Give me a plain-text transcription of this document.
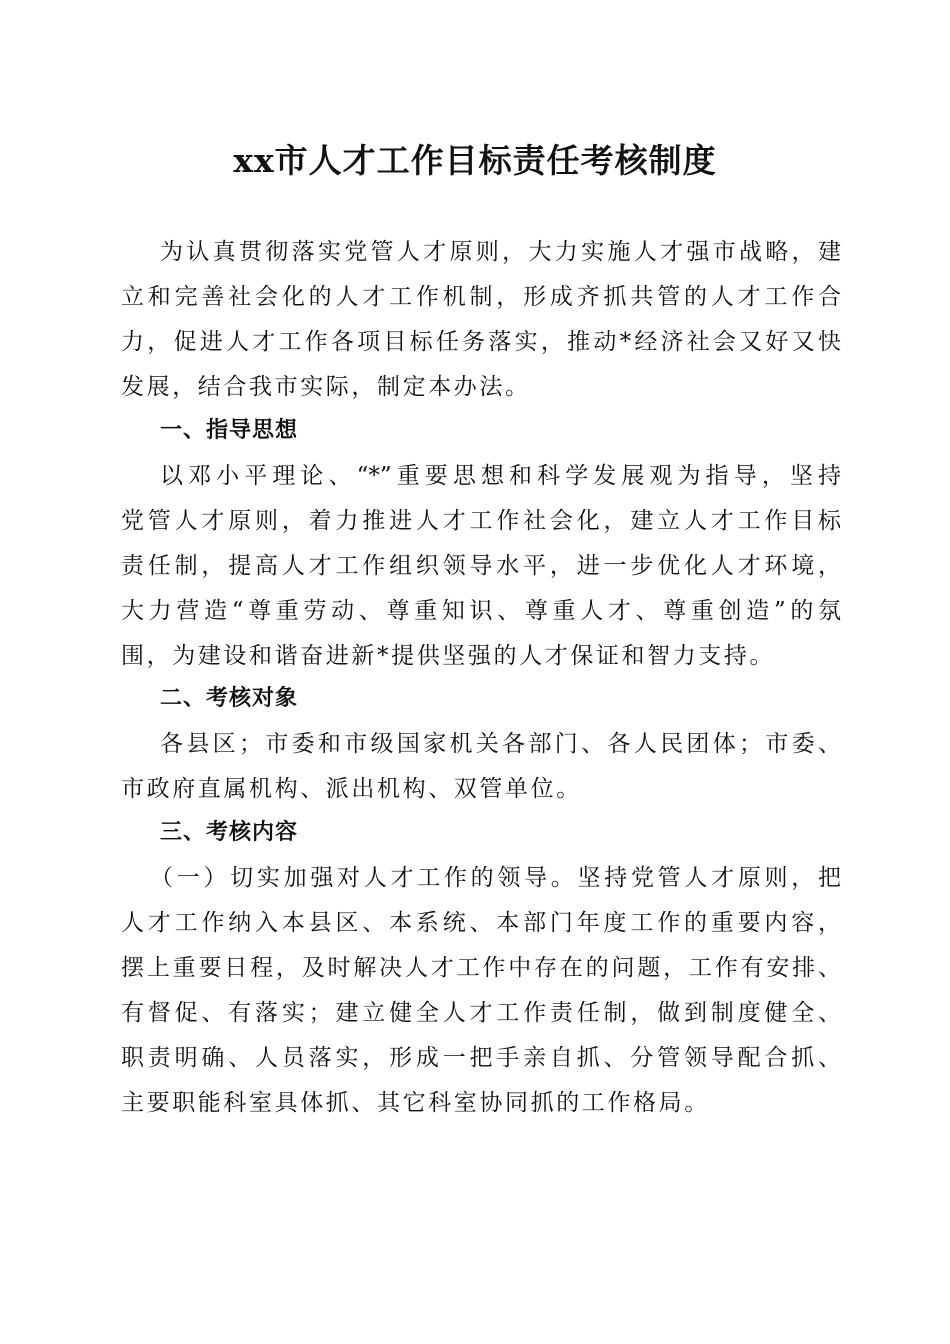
xx市人才工作目标责任考核制度
为认真贯彻落实党管人才原则，大力实施人才强市战略，建
立和完善社会化的人才工作机制，形成齐抓共管的人才工作合
力，促进人才工作各项目标任务落实，推动*经济社会又好又快
发展，结合我市实际，制定本办法。
一、指导思想
以邓小平理论、“*”重要思想和科学发展观为指导，坚持
党管人才原则，着力推进人才工作社会化，建立人才工作目标
责任制，提高人才工作组织领导水平，进一步优化人才环境，
大力营造“尊重劳动、尊重知识、尊重人才、尊重创造”的氛
围，为建设和谐奋进新*提供坚强的人才保证和智力支持。
二、考核对象
各县区；市委和市级国家机关各部门、各人民团体；市委、
市政府直属机构、派出机构、双管单位。
三、考核内容
（一）切实加强对人才工作的领导。坚持党管人才原则，把
人才工作纳入本县区、本系统、本部门年度工作的重要内容，
摆上重要日程，及时解决人才工作中存在的问题，工作有安排、
有督促、有落实；建立健全人才工作责任制，做到制度健全、
职责明确、人员落实，形成一把手亲自抓、分管领导配合抓、
主要职能科室具体抓、其它科室协同抓的工作格局。
